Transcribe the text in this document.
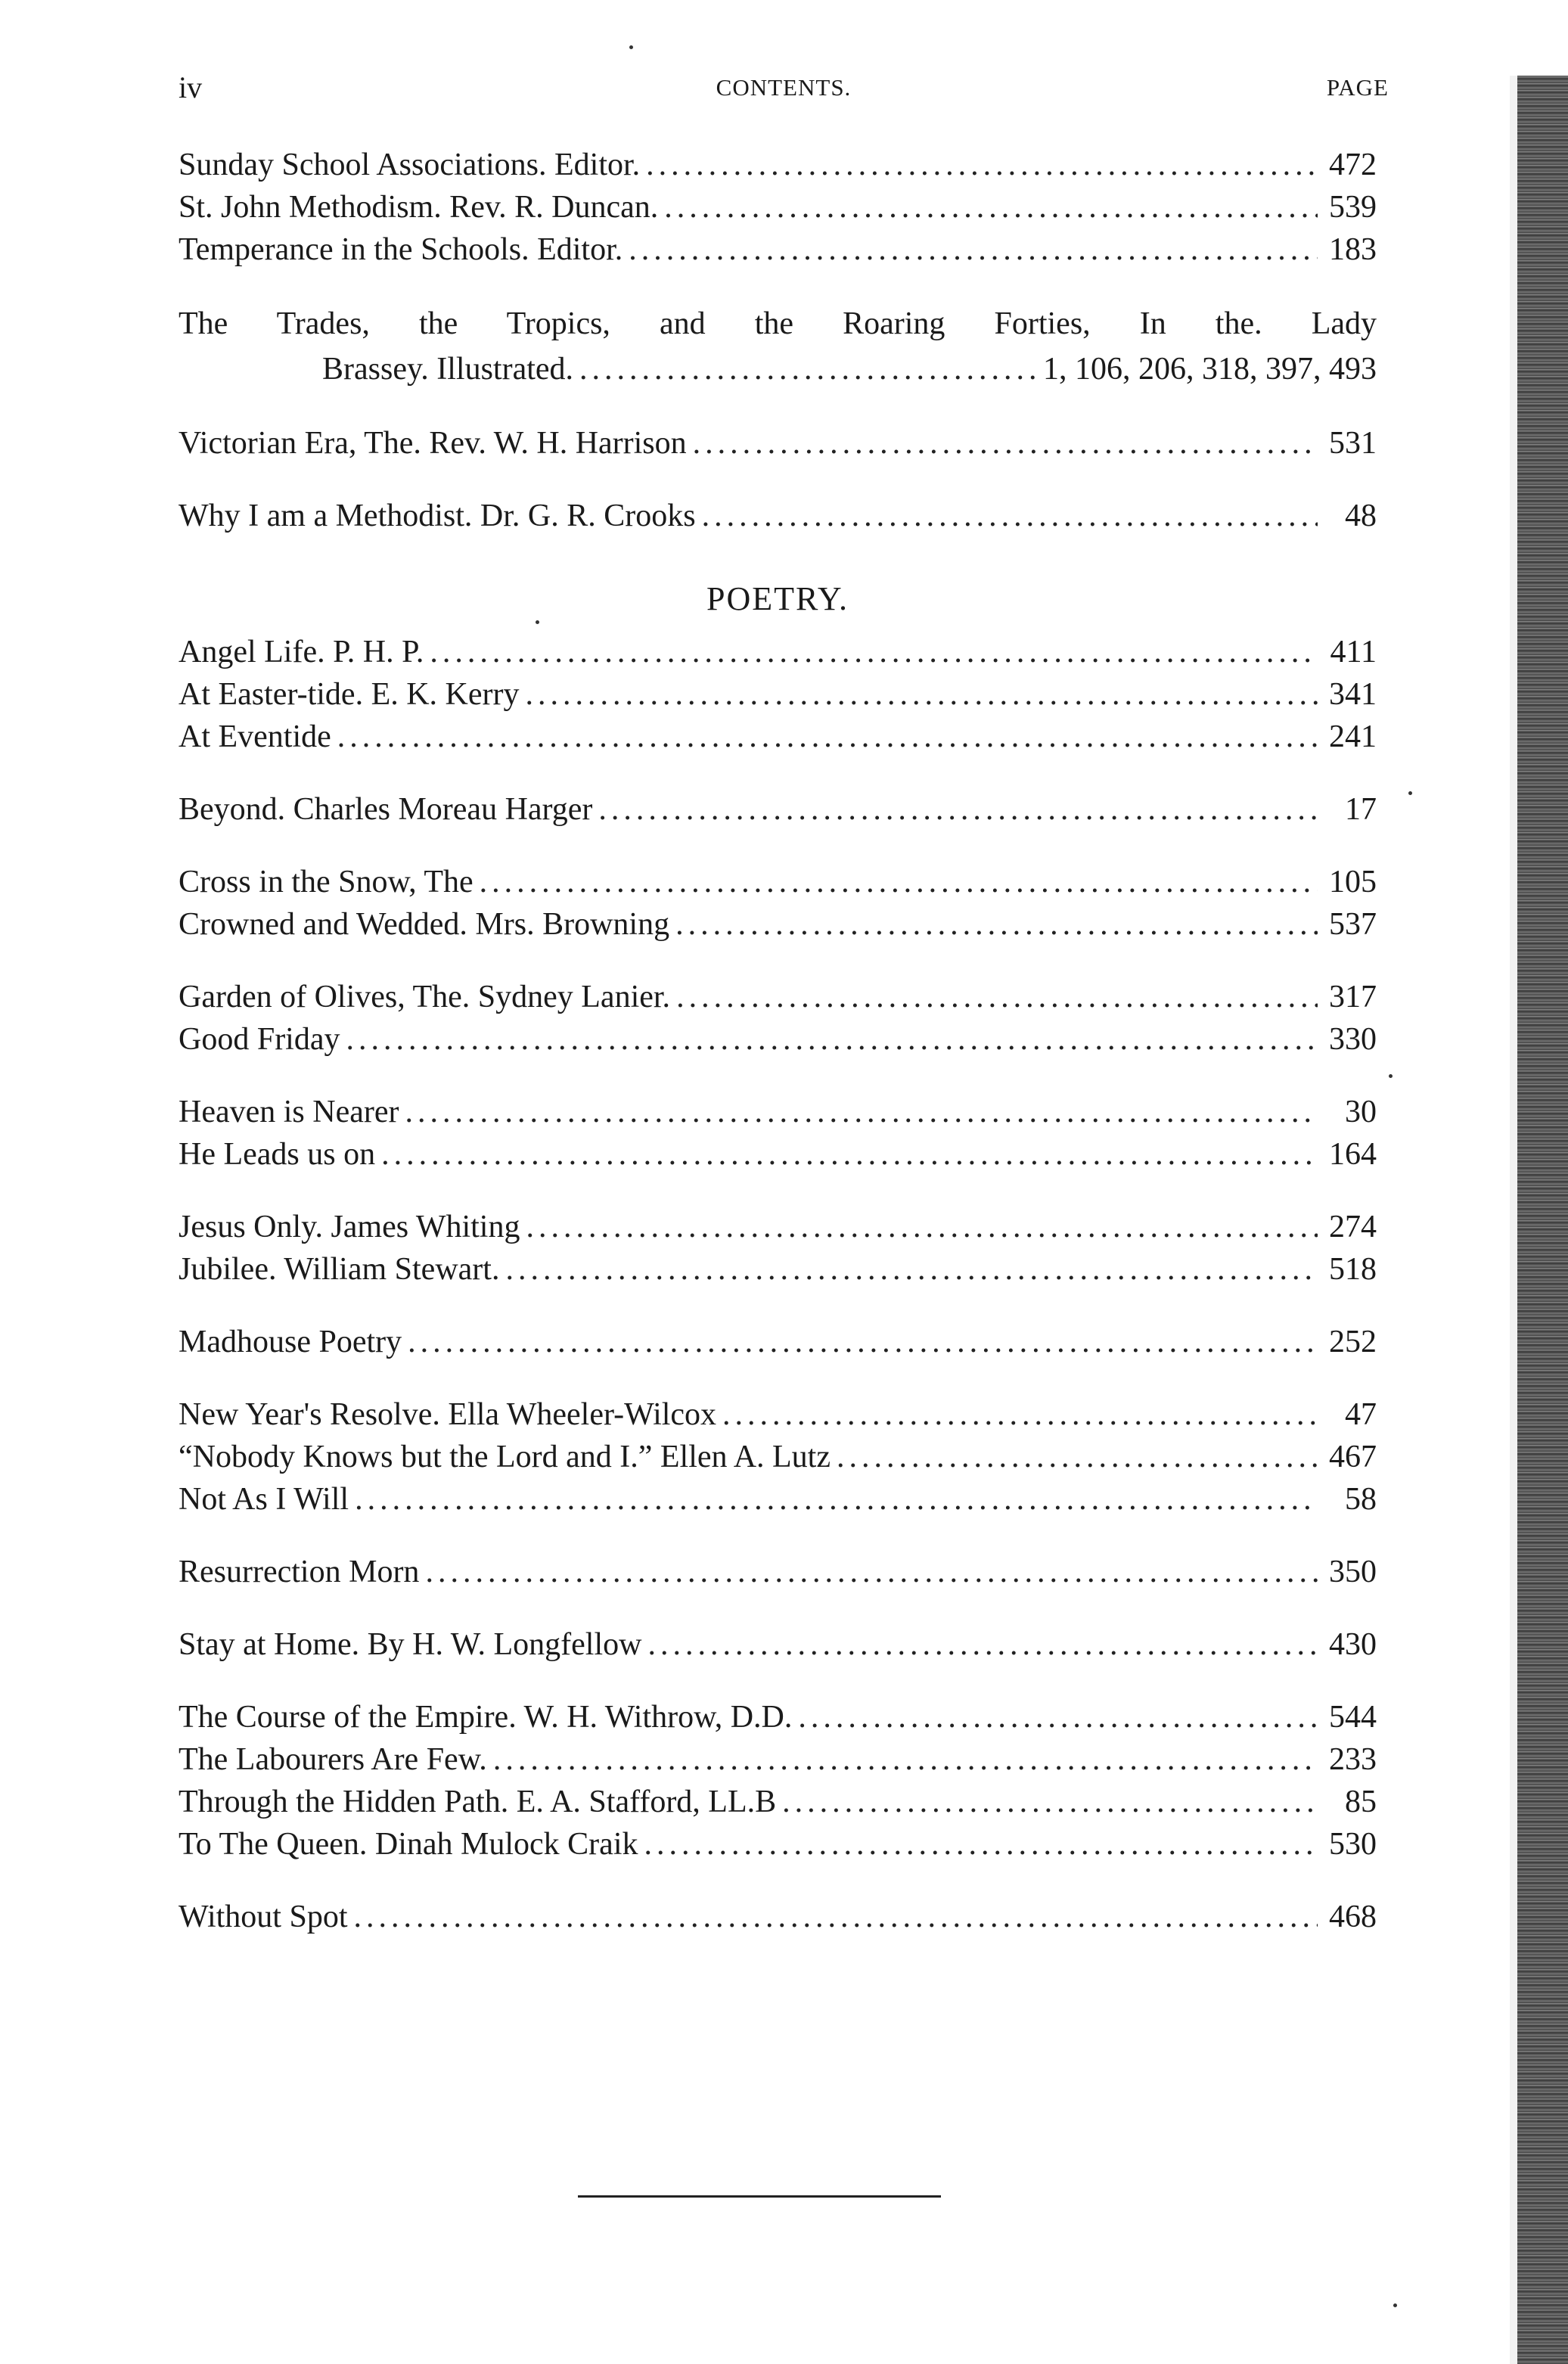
iv	CONTENTS.	PAGE
Sunday School Associations. Editor. .....	472
St. John Methodism. Rev. R. Duncan. .....	539
Temperance in the Schools. Editor. .....	183
The Trades, the Tropics, and the Roaring Forties, In the. Lady
Brassey. Illustrated. .....	1, 106, 206, 318, 397, 493
Victorian Era, The. Rev. W. H. Harrison .....	531
Why I am a Methodist. Dr. G. R. Crooks .....	48
POETRY.
Angel Life. P. H. P. .....	411
At Easter-tide. E. K. Kerry .....	341
At Eventide .....	241
Beyond. Charles Moreau Harger .....	17
Cross in the Snow, The .....	105
Crowned and Wedded. Mrs. Browning .....	537
Garden of Olives, The. Sydney Lanier. .....	317
Good Friday .....	330
Heaven is Nearer .....	30
He Leads us on .....	164
Jesus Only. James Whiting .....	274
Jubilee. William Stewart. .....	518
Madhouse Poetry .....	252
New Year's Resolve. Ella Wheeler-Wilcox .....	47
“Nobody Knows but the Lord and I.” Ellen A. Lutz .....	467
Not As I Will .....	58
Resurrection Morn .....	350
Stay at Home. By H. W. Longfellow .....	430
The Course of the Empire. W. H. Withrow, D.D. .....	544
The Labourers Are Few. .....	233
Through the Hidden Path. E. A. Stafford, LL.B .....	85
To The Queen. Dinah Mulock Craik .....	530
Without Spot .....	468
